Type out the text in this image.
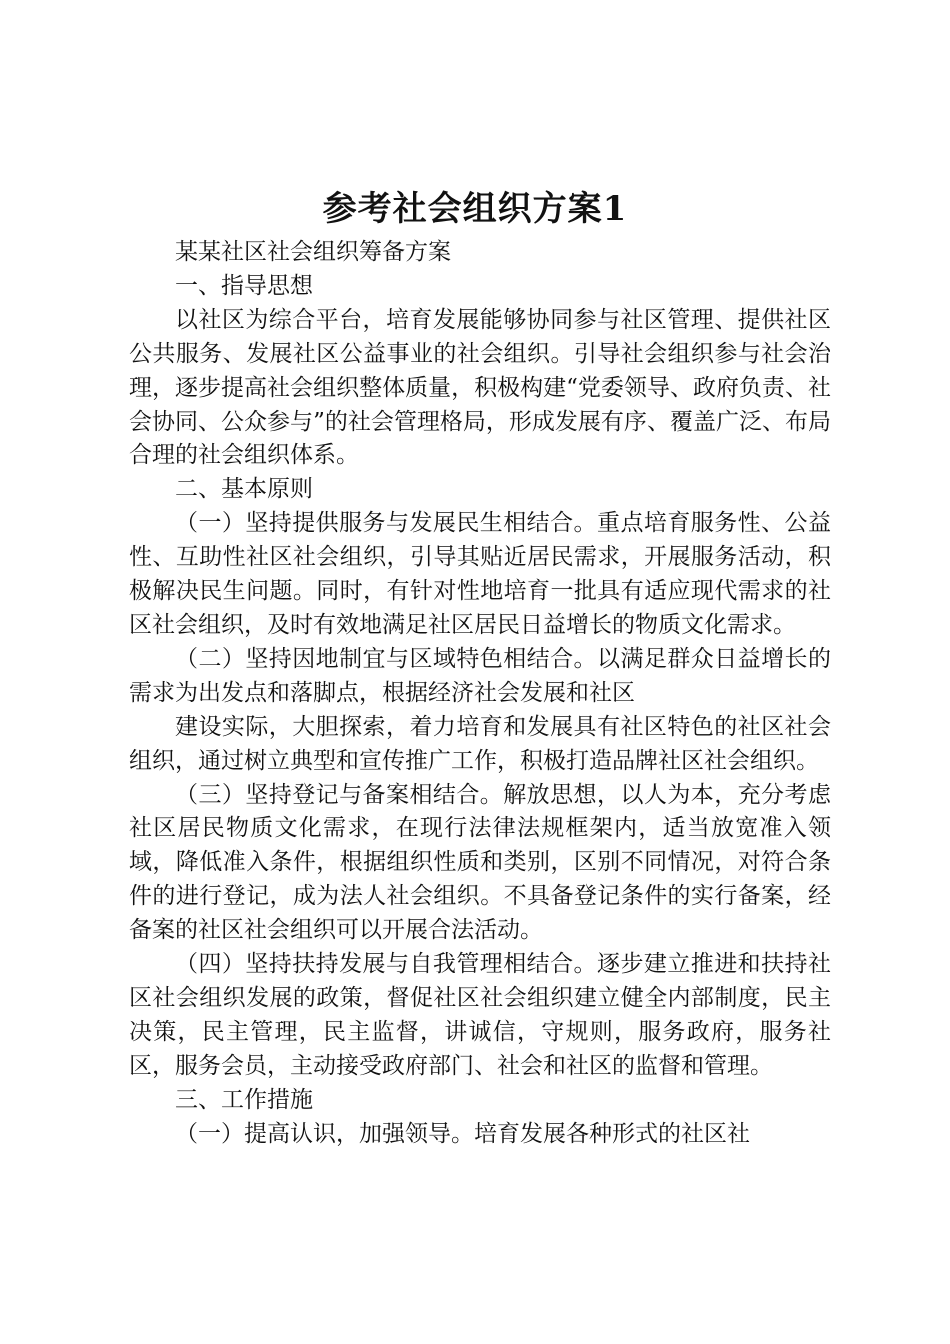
参考社会组织方案1

某某社区社会组织筹备方案

一、指导思想

以社区为综合平台，培育发展能够协同参与社区管理、提供社区公共服务、发展社区公益事业的社会组织。引导社会组织参与社会治理，逐步提高社会组织整体质量，积极构建“党委领导、政府负责、社会协同、公众参与”的社会管理格局，形成发展有序、覆盖广泛、布局合理的社会组织体系。

二、基本原则

（一）坚持提供服务与发展民生相结合。重点培育服务性、公益性、互助性社区社会组织，引导其贴近居民需求，开展服务活动，积极解决民生问题。同时，有针对性地培育一批具有适应现代需求的社区社会组织，及时有效地满足社区居民日益增长的物质文化需求。

（二）坚持因地制宜与区域特色相结合。以满足群众日益增长的需求为出发点和落脚点，根据经济社会发展和社区

建设实际，大胆探索，着力培育和发展具有社区特色的社区社会组织，通过树立典型和宣传推广工作，积极打造品牌社区社会组织。

（三）坚持登记与备案相结合。解放思想，以人为本，充分考虑社区居民物质文化需求，在现行法律法规框架内，适当放宽准入领域，降低准入条件，根据组织性质和类别，区别不同情况，对符合条件的进行登记，成为法人社会组织。不具备登记条件的实行备案，经备案的社区社会组织可以开展合法活动。

（四）坚持扶持发展与自我管理相结合。逐步建立推进和扶持社区社会组织发展的政策，督促社区社会组织建立健全内部制度，民主决策，民主管理，民主监督，讲诚信，守规则，服务政府，服务社区，服务会员，主动接受政府部门、社会和社区的监督和管理。

三、工作措施

（一）提高认识，加强领导。培育发展各种形式的社区社
